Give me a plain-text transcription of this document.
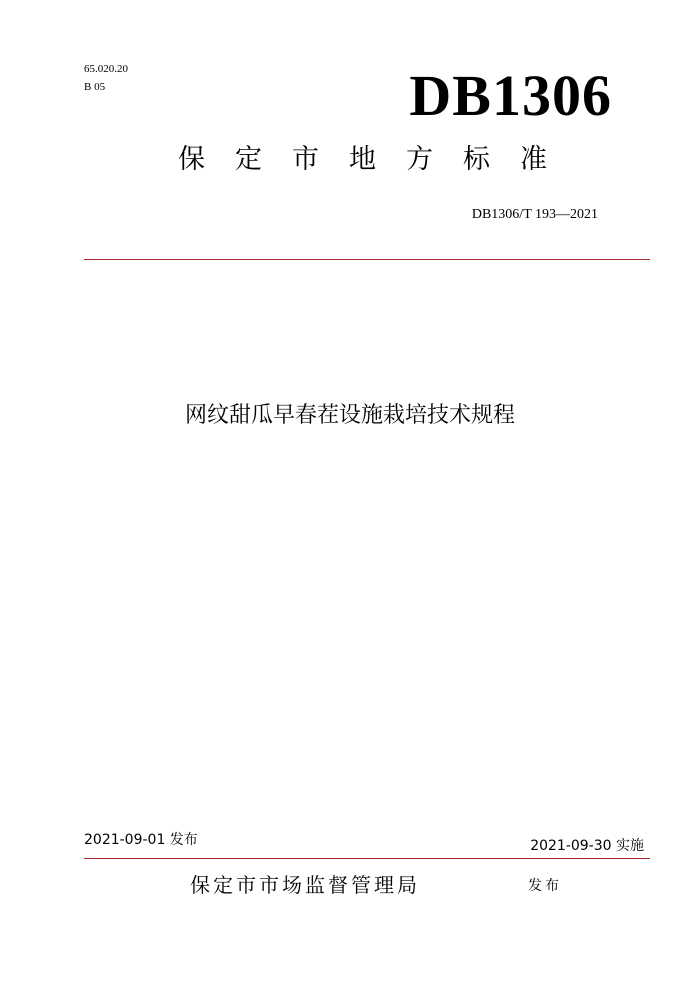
65.020.20
B 05	DB1306
保定市地方标准
DB1306/T 193—2021
网纹甜瓜早春茬设施栽培技术规程
2021-09-01 发布	2021-09-30 实施
保定市市场监督管理局	发布
